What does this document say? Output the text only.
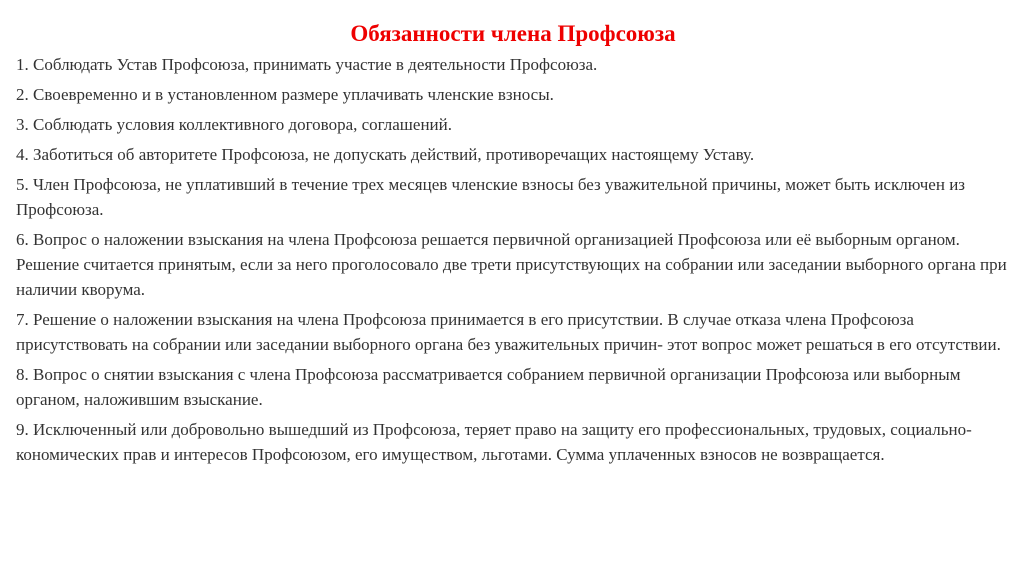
Обязанности члена Профсоюза
1. Соблюдать Устав Профсоюза, принимать участие в деятельности Профсоюза.
2. Своевременно и в установленном размере уплачивать членские взносы.
3. Соблюдать условия коллективного договора, соглашений.
4. Заботиться об авторитете Профсоюза, не допускать действий, противоречащих настоящему Уставу.
5. Член Профсоюза, не уплативший в течение трех месяцев членские взносы без уважительной причины, может быть исключен из Профсоюза.
6. Вопрос о наложении взыскания на члена Профсоюза решается первичной организацией Профсоюза или её выборным органом. Решение считается принятым, если за него проголосовало две трети присутствующих на собрании или заседании выборного органа при наличии кворума.
7. Решение о наложении взыскания на члена Профсоюза принимается в его присутствии. В случае отказа члена Профсоюза присутствовать на собрании или заседании выборного органа без уважительных причин- этот вопрос может решаться в его отсутствии.
8. Вопрос о снятии взыскания с члена Профсоюза рассматривается собранием первичной организации Профсоюза или выборным органом, наложившим взыскание.
9. Исключенный или добровольно вышедший из Профсоюза, теряет право на защиту его профессиональных, трудовых, социально-кономических прав и интересов Профсоюзом, его имуществом, льготами. Сумма уплаченных взносов не возвращается.
